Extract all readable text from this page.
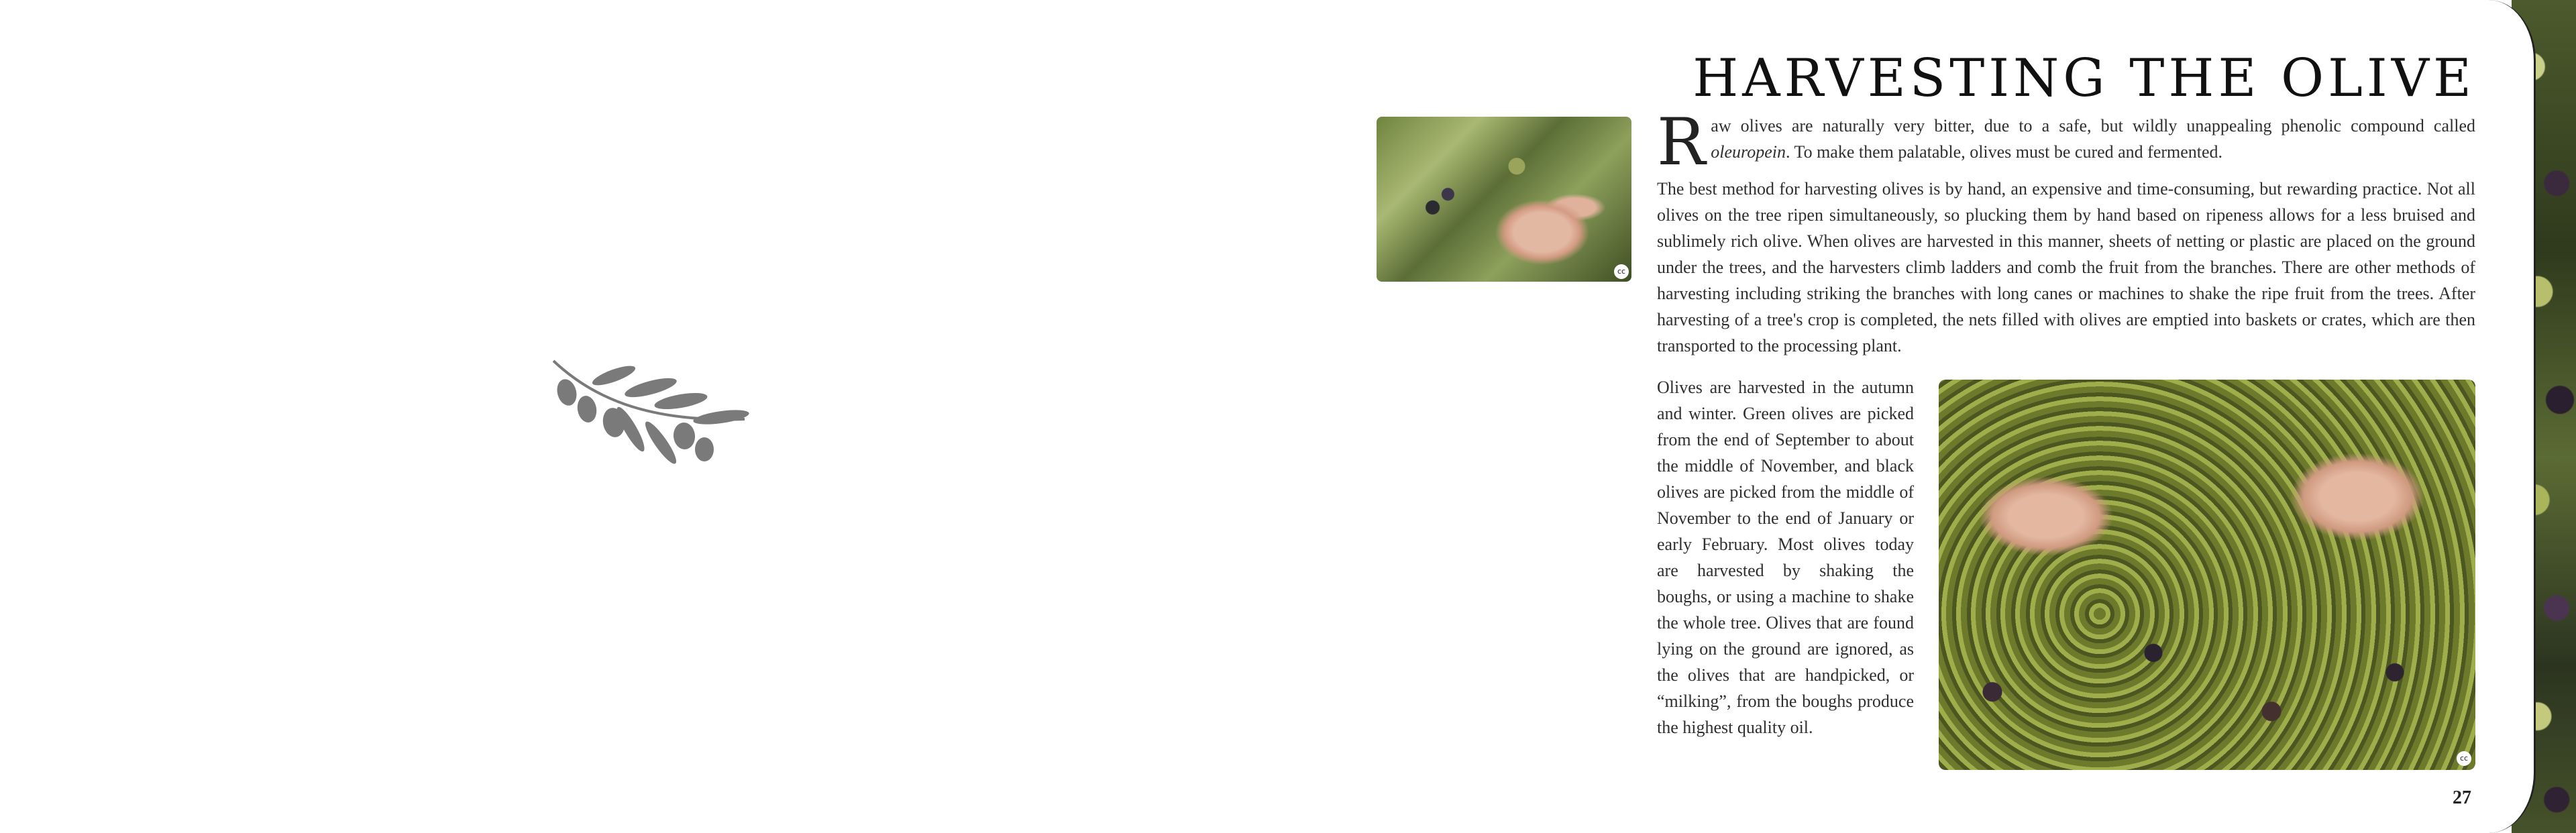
HARVESTING THE OLIVE
cc

Raw olives are naturally very bitter, due to a safe, but wildly unappealing phenolic compound called oleuropein. To make them palatable, olives must be cured and fermented.

The best method for harvesting olives is by hand, an expensive and time-consuming, but rewarding practice. Not all olives on the tree ripen simultaneously, so plucking them by hand based on ripeness allows for a less bruised and sublimely rich olive. When olives are harvested in this manner, sheets of netting or plastic are placed on the ground under the trees, and the harvesters climb ladders and comb the fruit from the branches. There are other methods of harvesting including striking the branches with long canes or machines to shake the ripe fruit from the trees. After harvesting of a tree's crop is completed, the nets filled with olives are emptied into baskets or crates, which are then transported to the processing plant.

Olives are harvested in the autumn and winter. Green olives are picked from the end of September to about the middle of November, and black olives are picked from the middle of November to the end of January or early February. Most olives today are harvested by shaking the boughs, or using a machine to shake the whole tree. Olives that are found lying on the ground are ignored, as the olives that are handpicked, or “milking”, from the boughs produce the highest quality oil.

cc
27
